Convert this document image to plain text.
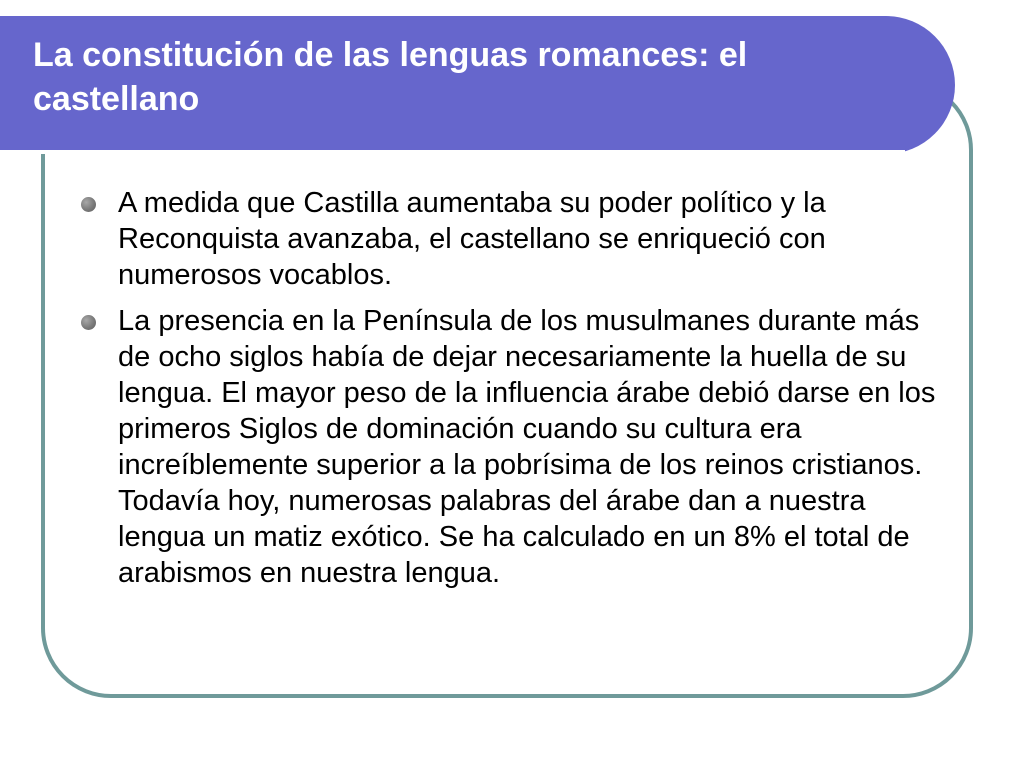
La constitución de las lenguas romances: el castellano
A medida que Castilla aumentaba su poder político y la Reconquista avanzaba, el castellano se enriqueció con numerosos vocablos.
La presencia en la Península de los musulmanes durante más de ocho siglos había de dejar necesariamente la huella de su lengua. El mayor peso de la influencia árabe debió darse en los primeros Siglos de dominación cuando su cultura era increíblemente superior a la pobrísima de los reinos cristianos. Todavía hoy, numerosas palabras del árabe dan a nuestra lengua un matiz exótico. Se ha calculado en un 8% el total de arabismos en nuestra lengua.
